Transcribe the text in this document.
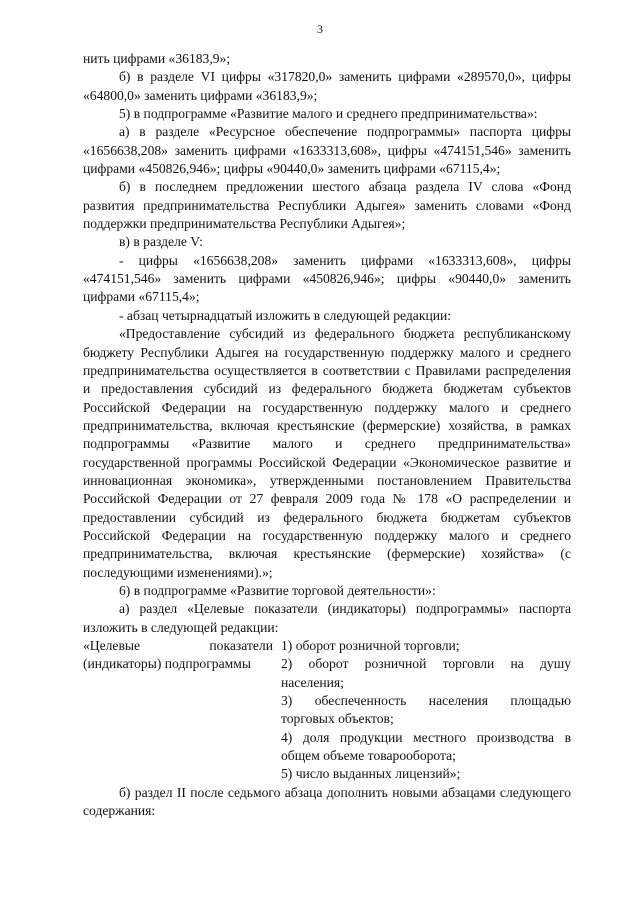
3

нить цифрами «36183,9»;

б) в разделе VI цифры «317820,0» заменить цифрами «289570,0», цифры «64800,0» заменить цифрами «36183,9»;

5) в подпрограмме «Развитие малого и среднего предпринимательства»:

а) в разделе «Ресурсное обеспечение подпрограммы» паспорта цифры «1656638,208» заменить цифрами «1633313,608», цифры «474151,546» заменить цифрами «450826,946»; цифры «90440,0» заменить цифрами «67115,4»;

б) в последнем предложении шестого абзаца раздела IV слова «Фонд развития предпринимательства Республики Адыгея» заменить словами «Фонд поддержки предпринимательства Республики Адыгея»;

в) в разделе V:

- цифры «1656638,208» заменить цифрами «1633313,608», цифры «474151,546» заменить цифрами «450826,946»; цифры «90440,0» заменить цифрами «67115,4»;

- абзац четырнадцатый изложить в следующей редакции:

«Предоставление субсидий из федерального бюджета республиканскому бюджету Республики Адыгея на государственную поддержку малого и среднего предпринимательства осуществляется в соответствии с Правилами распределения и предоставления субсидий из федерального бюджета бюджетам субъектов Российской Федерации на государственную поддержку малого и среднего предпринимательства, включая крестьянские (фермерские) хозяйства, в рамках подпрограммы «Развитие малого и среднего предпринимательства» государственной программы Российской Федерации «Экономическое развитие и инновационная экономика», утвержденными постановлением Правительства Российской Федерации от 27 февраля 2009 года № 178 «О распределении и предоставлении субсидий из федерального бюджета бюджетам субъектов Российской Федерации на государственную поддержку малого и среднего предпринимательства, включая крестьянские (фермерские) хозяйства» (с последующими изменениями).»;

6) в подпрограмме «Развитие торговой деятельности»:

а) раздел «Целевые показатели (индикаторы) подпрограммы» паспорта изложить в следующей редакции:

«Целевые показатели (индикаторы) подпрограммы

1) оборот розничной торговли;

2) оборот розничной торговли на душу населения;

3) обеспеченность населения площадью торговых объектов;

4) доля продукции местного производства в общем объеме товарооборота;

5) число выданных лицензий»;

б) раздел II после седьмого абзаца дополнить новыми абзацами следующего содержания:
